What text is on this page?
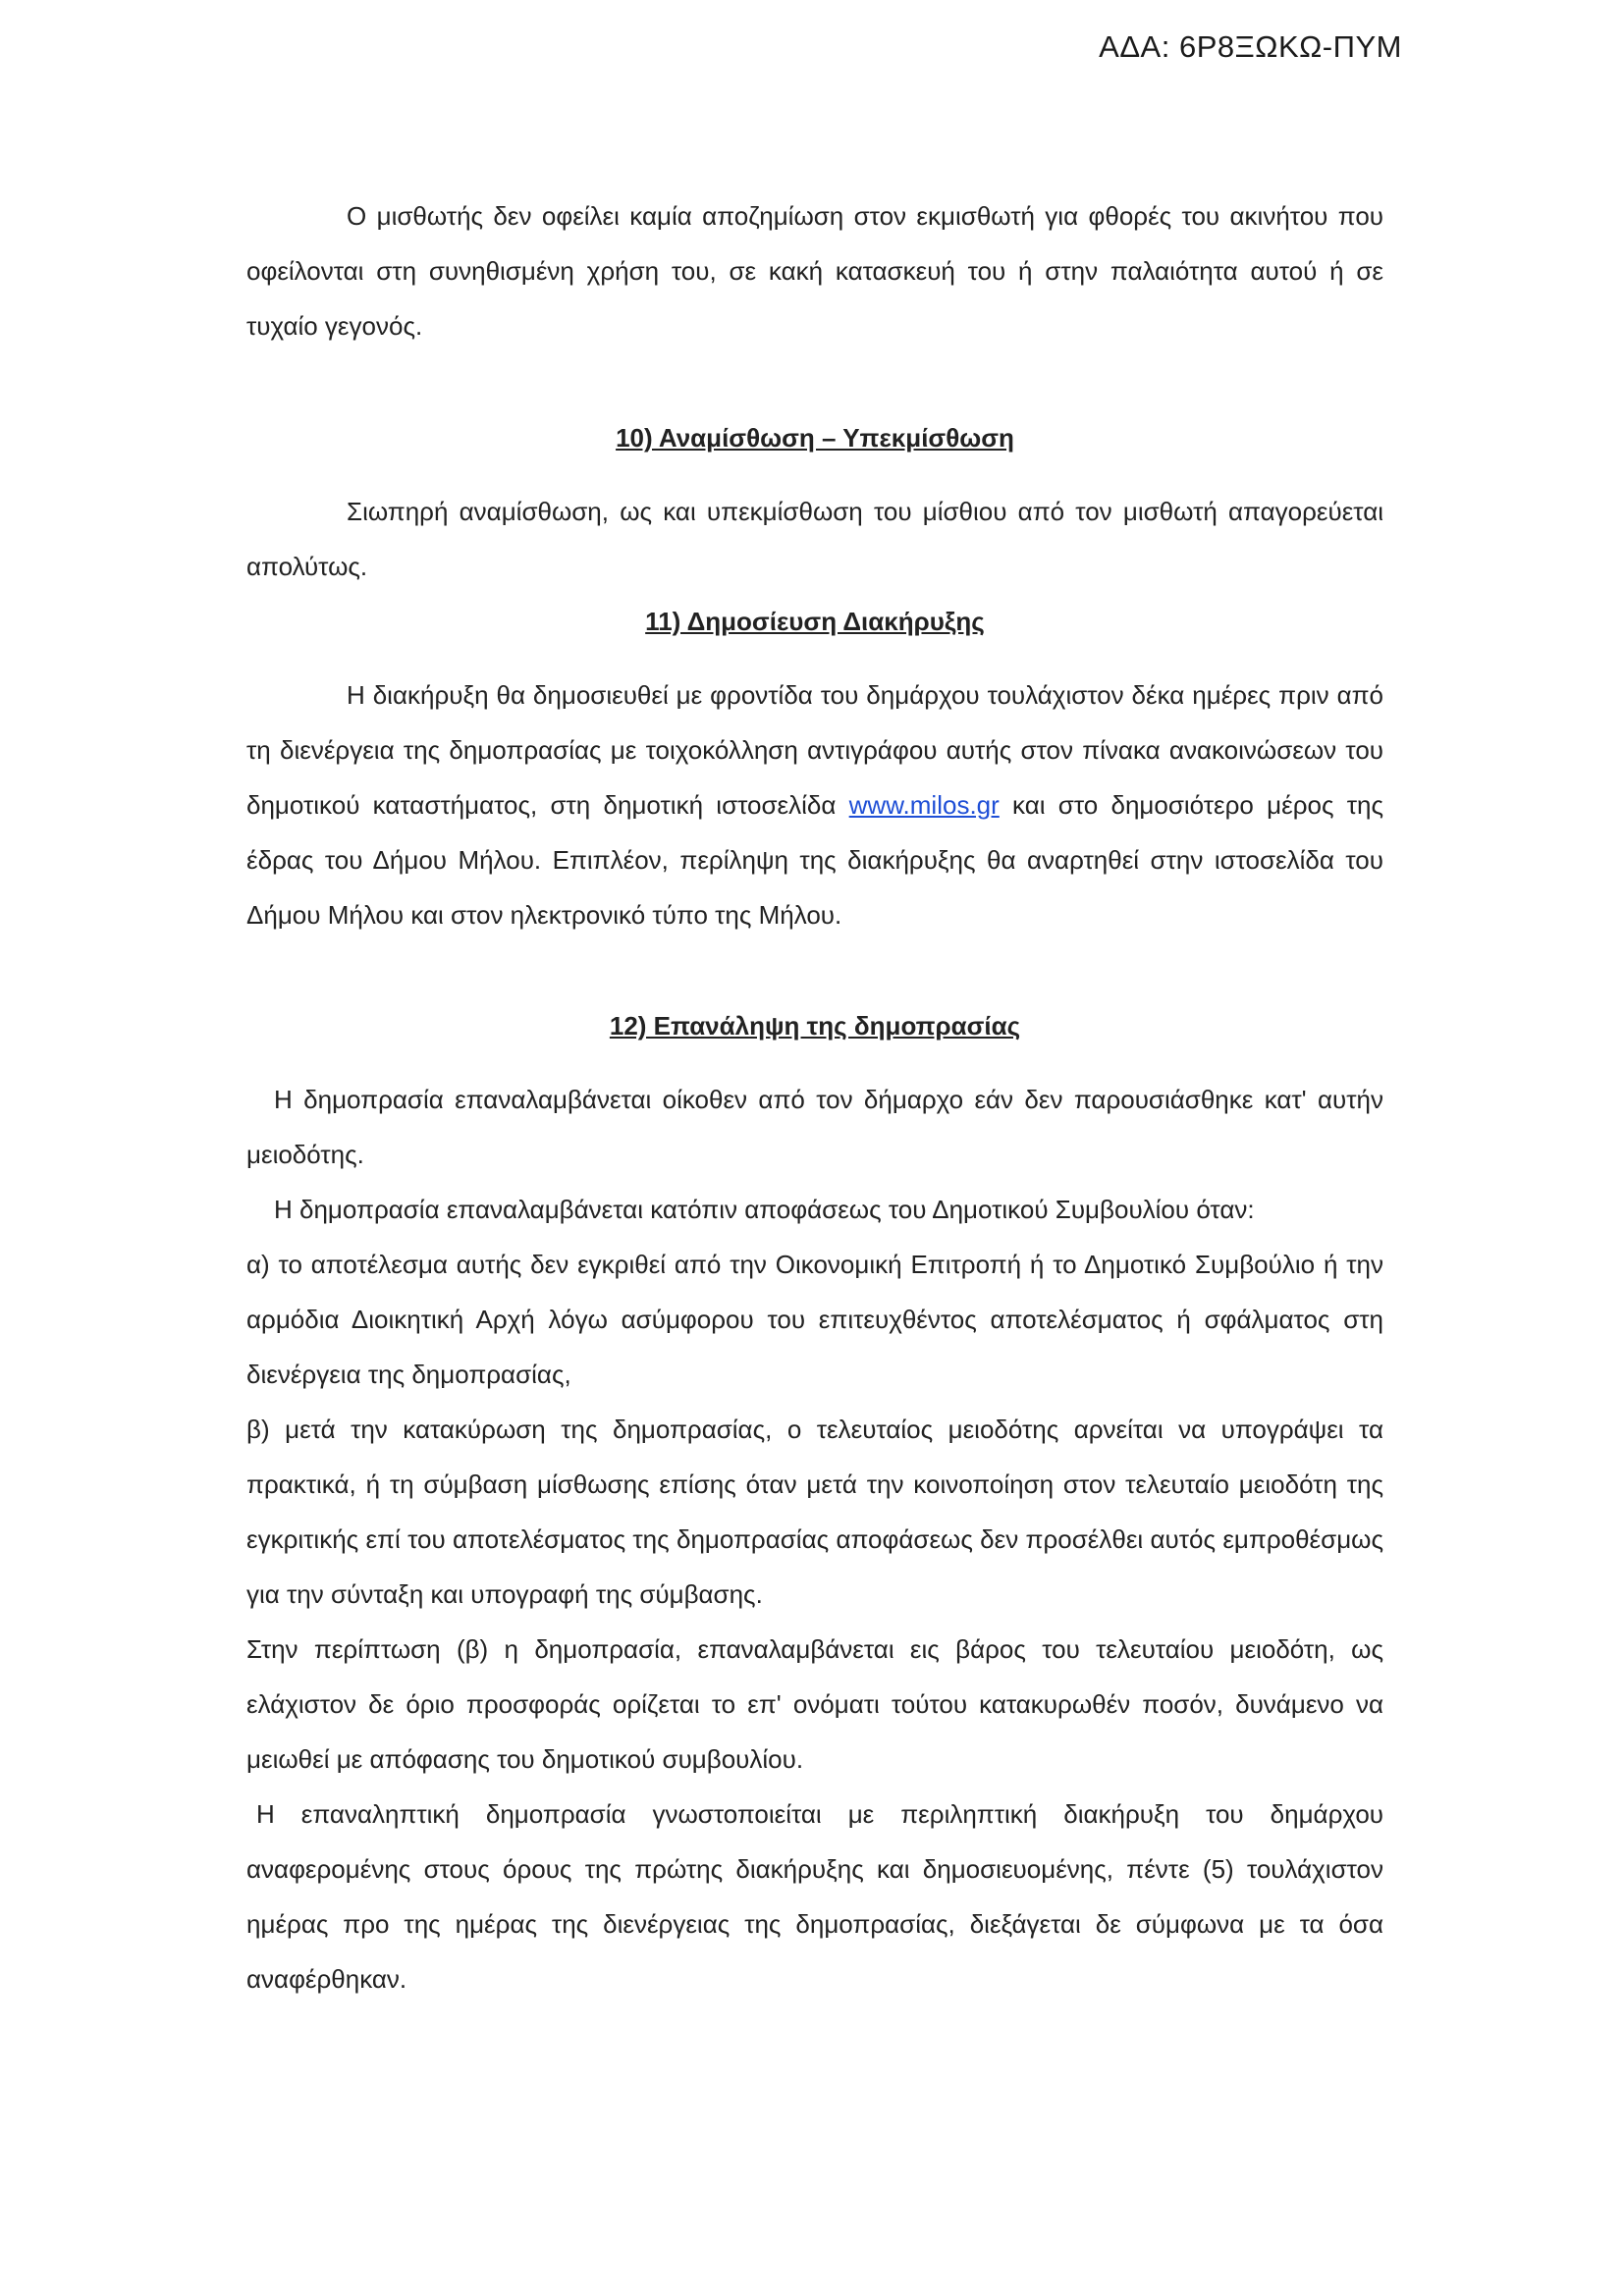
ΑΔΑ: 6Ρ8ΞΩΚΩ-ΠΥΜ

Ο μισθωτής δεν οφείλει καμία αποζημίωση στον εκμισθωτή για φθορές του ακινήτου που οφείλονται στη συνηθισμένη χρήση του, σε κακή κατασκευή του ή στην παλαιότητα αυτού ή σε τυχαίο γεγονός.

10) Αναμίσθωση – Υπεκμίσθωση

Σιωπηρή αναμίσθωση, ως και υπεκμίσθωση του μίσθιου από τον μισθωτή απαγορεύεται απολύτως.

11) Δημοσίευση Διακήρυξης

Η διακήρυξη θα δημοσιευθεί με φροντίδα του δημάρχου τουλάχιστον δέκα ημέρες πριν από τη διενέργεια της δημοπρασίας με τοιχοκόλληση αντιγράφου αυτής στον πίνακα ανακοινώσεων του δημοτικού καταστήματος, στη δημοτική ιστοσελίδα www.milos.gr και στο δημοσιότερο μέρος της έδρας του Δήμου Μήλου. Επιπλέον, περίληψη της διακήρυξης θα αναρτηθεί στην ιστοσελίδα του Δήμου Μήλου και στον ηλεκτρονικό τύπο της Μήλου.

12) Επανάληψη της δημοπρασίας

Η δημοπρασία επαναλαμβάνεται οίκοθεν από τον δήμαρχο εάν δεν παρουσιάσθηκε κατ' αυτήν μειοδότης.

Η δημοπρασία επαναλαμβάνεται κατόπιν αποφάσεως του Δημοτικού Συμβουλίου όταν:

α) το αποτέλεσμα αυτής δεν εγκριθεί από την Οικονομική Επιτροπή ή το Δημοτικό Συμβούλιο ή την αρμόδια Διοικητική Αρχή λόγω ασύμφορου του επιτευχθέντος αποτελέσματος ή σφάλματος στη διενέργεια της δημοπρασίας,

β) μετά την κατακύρωση της δημοπρασίας, ο τελευταίος μειοδότης αρνείται να υπογράψει τα πρακτικά, ή τη σύμβαση μίσθωσης επίσης όταν μετά την κοινοποίηση στον τελευταίο μειοδότη της εγκριτικής επί του αποτελέσματος της δημοπρασίας αποφάσεως δεν προσέλθει αυτός εμπροθέσμως για την σύνταξη και υπογραφή της σύμβασης.

Στην περίπτωση (β) η δημοπρασία, επαναλαμβάνεται εις βάρος του τελευταίου μειοδότη, ως ελάχιστον δε όριο προσφοράς ορίζεται το επ' ονόματι τούτου κατακυρωθέν ποσόν, δυνάμενο να μειωθεί με απόφασης του δημοτικού συμβουλίου.

Η επαναληπτική δημοπρασία γνωστοποιείται με περιληπτική διακήρυξη του δημάρχου αναφερομένης στους όρους της πρώτης διακήρυξης και δημοσιευομένης, πέντε (5) τουλάχιστον ημέρας προ της ημέρας της διενέργειας της δημοπρασίας, διεξάγεται δε σύμφωνα με τα όσα αναφέρθηκαν.
